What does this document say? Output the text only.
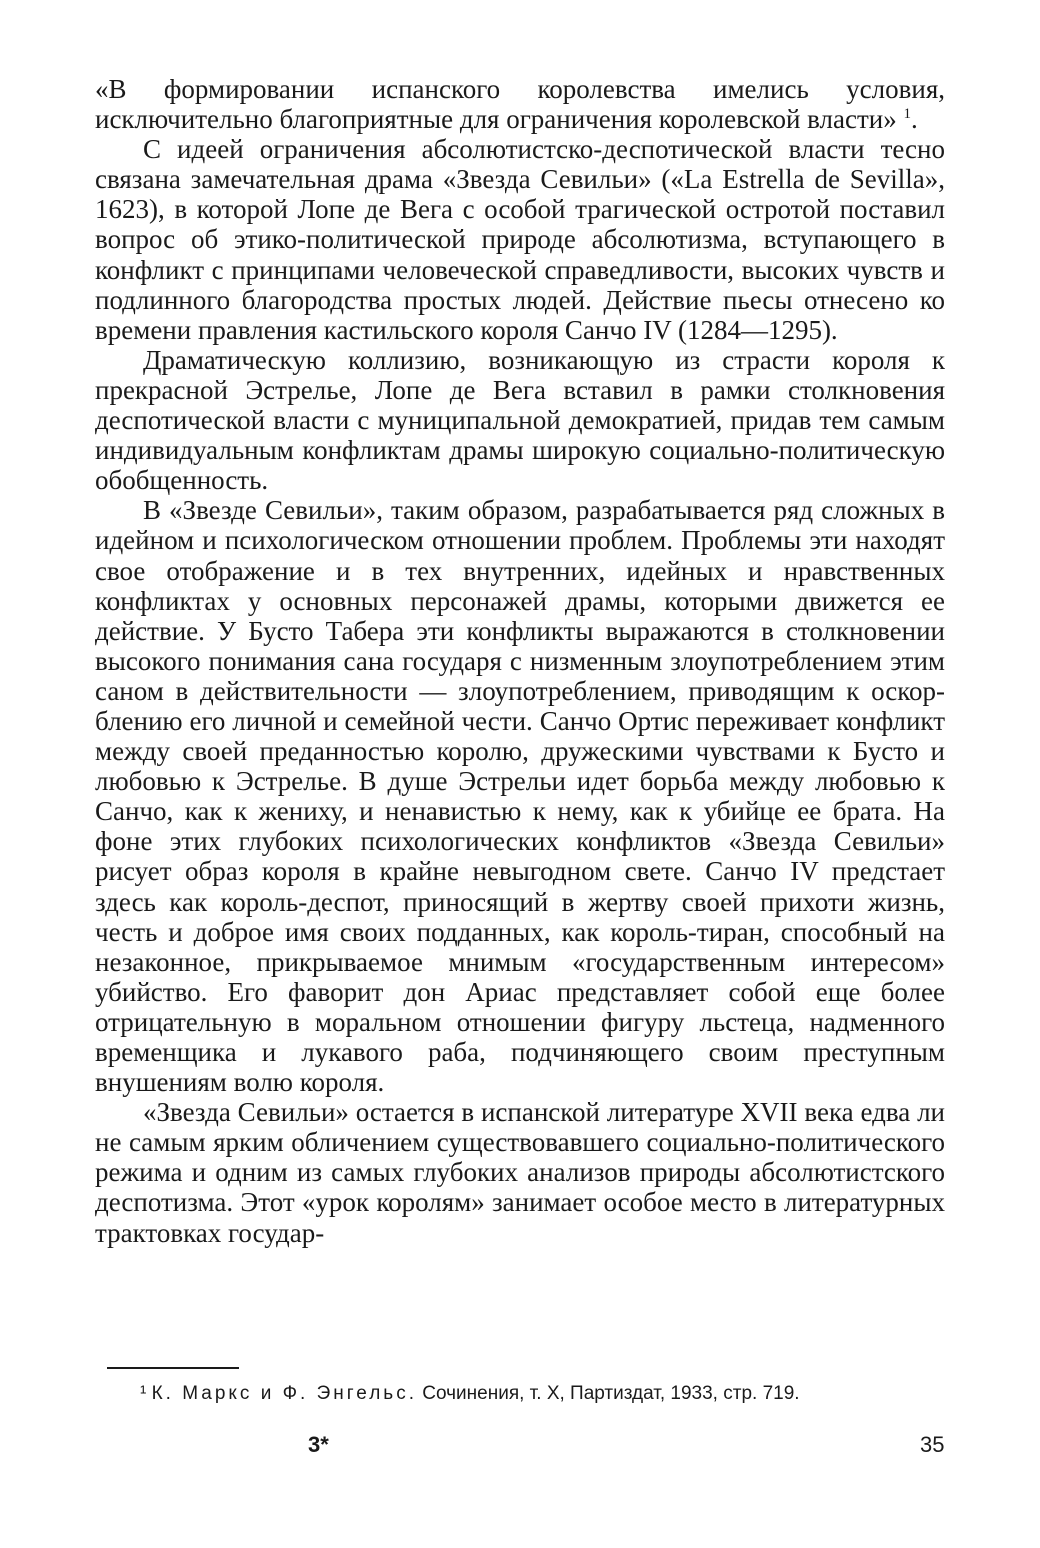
«В формировании испанского королевства имелись условия, исключительно благоприятные для ограничения королевской власти» $^1$.

С идеей ограничения абсолютистско-деспотической власти тесно связана замечательная драма «Звезда Севильи» («La Estrella de Sevilla», 1623), в которой Лопе де Вега с особой трагической остротой поставил вопрос об этико-политической природе абсолютизма, вступающего в конфликт с принципами человеческой справедливости, высоких чувств и подлинного благородства простых людей. Действие пьесы отнесено ко времени правления кастильского короля Санчо IV (1284—1295).

Драматическую коллизию, возникающую из страсти короля к прекрасной Эстрелье, Лопе де Вега вставил в рамки столкновения деспотической власти с муниципальной демократией, придав тем самым индивидуальным конфликтам драмы широкую социально-политическую обобщенность.

В «Звезде Севильи», таким образом, разрабатывается ряд сложных в идейном и психологическом отношении проблем. Проблемы эти находят свое отображение и в тех внутренних, идейных и нравственных конфликтах у основных персонажей драмы, которыми движется ее действие. У Бусто Табера эти конфликты выражаются в столкновении высокого понимания сана государя с низменным злоупотреблением этим саном в действительности — злоупотреблением, приводящим к оскорблению его личной и семейной чести. Санчо Ортис переживает конфликт между своей преданностью королю, дружескими чувствами к Бусто и любовью к Эстрелье. В душе Эстрельи идет борьба между любовью к Санчо, как к жениху, и ненавистью к нему, как к убийце ее брата. На фоне этих глубоких психологических конфликтов «Звезда Севильи» рисует образ короля в крайне невыгодном свете. Санчо IV предстает здесь как король-деспот, приносящий в жертву своей прихоти жизнь, честь и доброе имя своих подданных, как король-тиран, способный на незаконное, прикрываемое мнимым «государственным интересом» убийство. Его фаворит дон Ариас представляет собой еще более отрицательную в моральном отношении фигуру льстеца, надменного временщика и лукавого раба, подчиняющего своим преступным внушениям волю короля.

«Звезда Севильи» остается в испанской литературе XVII века едва ли не самым ярким обличением существовавшего социально-политического режима и одним из самых глубоких анализов природы абсолютистского деспотизма. Этот «урок королям» занимает особое место в литературных трактовках государ-

¹ К. Маркс и Ф. Энгельс. Сочинения, т. X, Партиздат, 1933, стр. 719.
3*	35
